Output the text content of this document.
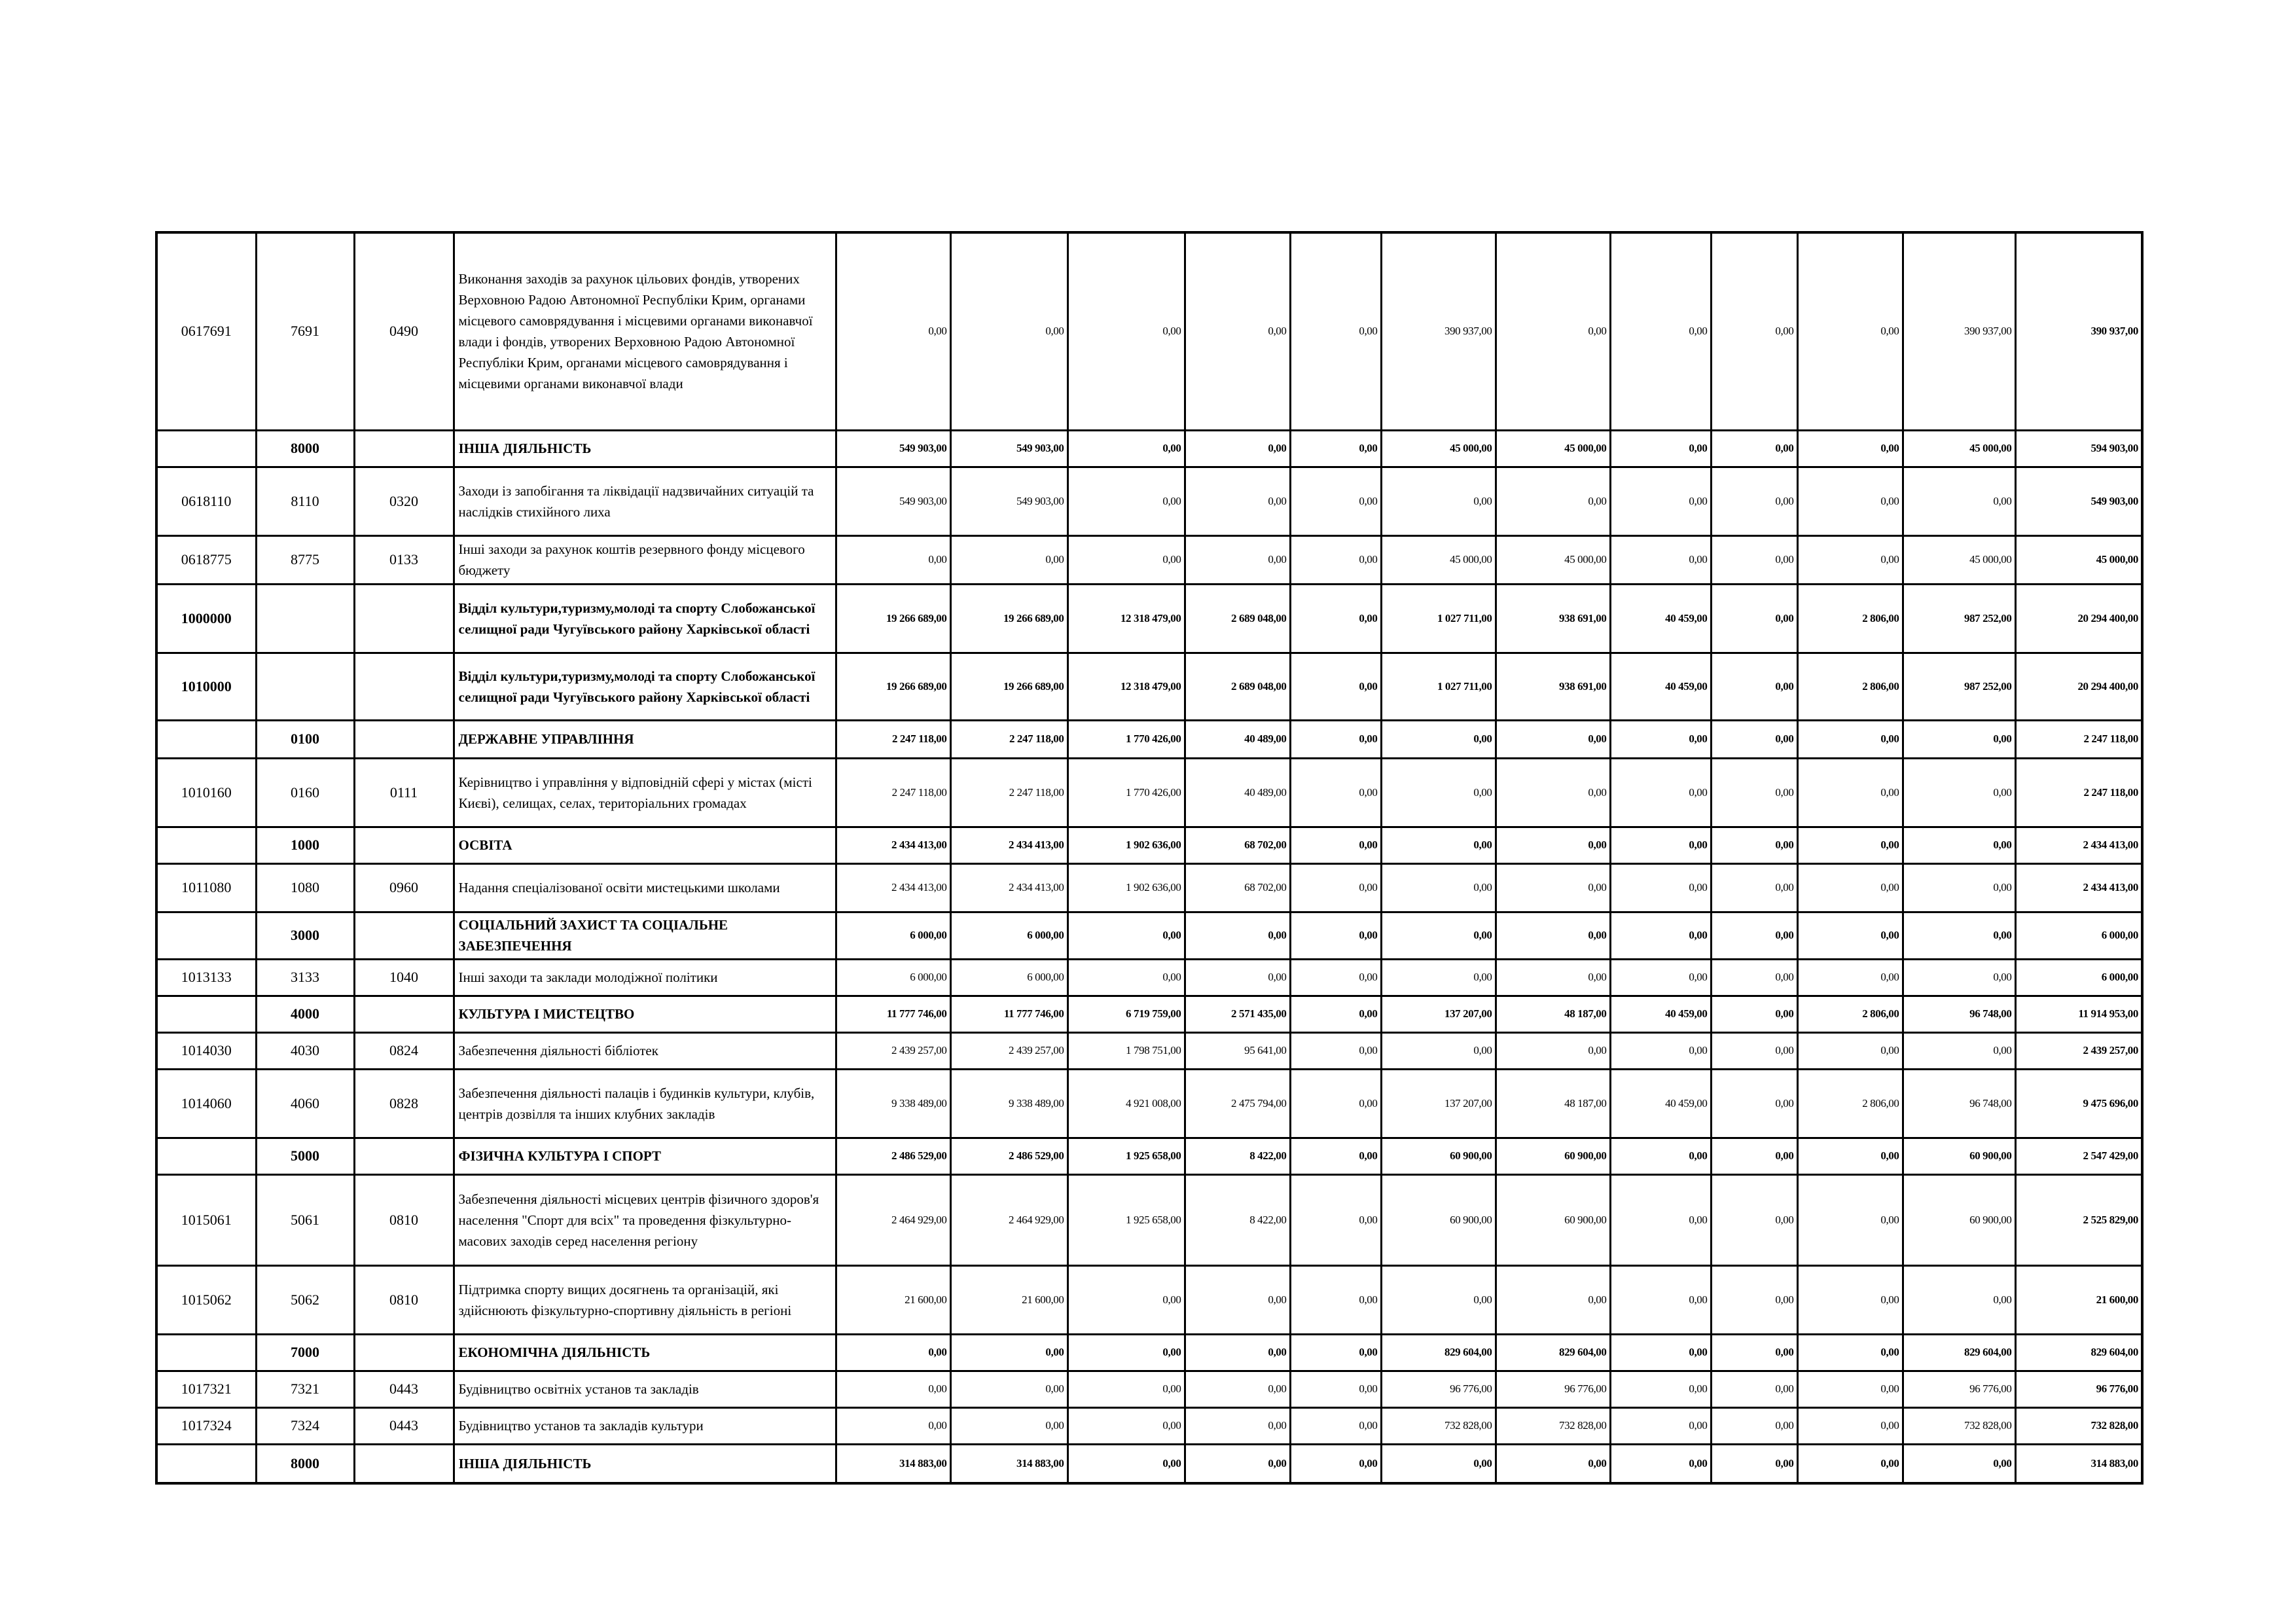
0617691	7691	0490	Виконання заходів за рахунок цільових фондів, утворених Верховною Радою Автономної Республіки Крим, органами місцевого самоврядування і місцевими органами виконавчої влади і фондів, утворених Верховною Радою Автономної Республіки Крим, органами місцевого самоврядування і місцевими органами виконавчої влади	0,00	0,00	0,00	0,00	0,00	390 937,00	0,00	0,00	0,00	0,00	390 937,00	390 937,00
	8000		ІНША ДІЯЛЬНІСТЬ	549 903,00	549 903,00	0,00	0,00	0,00	45 000,00	45 000,00	0,00	0,00	0,00	45 000,00	594 903,00
0618110	8110	0320	Заходи із запобігання та ліквідації надзвичайних ситуацій та наслідків стихійного лиха	549 903,00	549 903,00	0,00	0,00	0,00	0,00	0,00	0,00	0,00	0,00	0,00	549 903,00
0618775	8775	0133	Інші заходи за рахунок коштів резервного фонду місцевого бюджету	0,00	0,00	0,00	0,00	0,00	45 000,00	45 000,00	0,00	0,00	0,00	45 000,00	45 000,00
1000000			Відділ культури,туризму,молоді та спорту Слобожанської селищної ради Чугуївського району Харківської області	19 266 689,00	19 266 689,00	12 318 479,00	2 689 048,00	0,00	1 027 711,00	938 691,00	40 459,00	0,00	2 806,00	987 252,00	20 294 400,00
1010000			Відділ культури,туризму,молоді та спорту Слобожанської селищної ради Чугуївського району Харківської області	19 266 689,00	19 266 689,00	12 318 479,00	2 689 048,00	0,00	1 027 711,00	938 691,00	40 459,00	0,00	2 806,00	987 252,00	20 294 400,00
	0100		ДЕРЖАВНЕ УПРАВЛІННЯ	2 247 118,00	2 247 118,00	1 770 426,00	40 489,00	0,00	0,00	0,00	0,00	0,00	0,00	0,00	2 247 118,00
1010160	0160	0111	Керівництво і управління у відповідній сфері у містах (місті Києві), селищах, селах, територіальних громадах	2 247 118,00	2 247 118,00	1 770 426,00	40 489,00	0,00	0,00	0,00	0,00	0,00	0,00	0,00	2 247 118,00
	1000		ОСВІТА	2 434 413,00	2 434 413,00	1 902 636,00	68 702,00	0,00	0,00	0,00	0,00	0,00	0,00	0,00	2 434 413,00
1011080	1080	0960	Надання спеціалізованої освіти мистецькими школами	2 434 413,00	2 434 413,00	1 902 636,00	68 702,00	0,00	0,00	0,00	0,00	0,00	0,00	0,00	2 434 413,00
	3000		СОЦІАЛЬНИЙ ЗАХИСТ ТА СОЦІАЛЬНЕ ЗАБЕЗПЕЧЕННЯ	6 000,00	6 000,00	0,00	0,00	0,00	0,00	0,00	0,00	0,00	0,00	0,00	6 000,00
1013133	3133	1040	Інші заходи та заклади молодіжної політики	6 000,00	6 000,00	0,00	0,00	0,00	0,00	0,00	0,00	0,00	0,00	0,00	6 000,00
	4000		КУЛЬТУРА І МИСТЕЦТВО	11 777 746,00	11 777 746,00	6 719 759,00	2 571 435,00	0,00	137 207,00	48 187,00	40 459,00	0,00	2 806,00	96 748,00	11 914 953,00
1014030	4030	0824	Забезпечення діяльності бібліотек	2 439 257,00	2 439 257,00	1 798 751,00	95 641,00	0,00	0,00	0,00	0,00	0,00	0,00	0,00	2 439 257,00
1014060	4060	0828	Забезпечення діяльності палаців і будинків культури, клубів, центрів дозвілля та інших клубних закладів	9 338 489,00	9 338 489,00	4 921 008,00	2 475 794,00	0,00	137 207,00	48 187,00	40 459,00	0,00	2 806,00	96 748,00	9 475 696,00
	5000		ФІЗИЧНА КУЛЬТУРА І СПОРТ	2 486 529,00	2 486 529,00	1 925 658,00	8 422,00	0,00	60 900,00	60 900,00	0,00	0,00	0,00	60 900,00	2 547 429,00
1015061	5061	0810	Забезпечення діяльності місцевих центрів фізичного здоров'я населення "Спорт для всіх" та проведення фізкультурно-масових заходів серед населення регіону	2 464 929,00	2 464 929,00	1 925 658,00	8 422,00	0,00	60 900,00	60 900,00	0,00	0,00	0,00	60 900,00	2 525 829,00
1015062	5062	0810	Підтримка спорту вищих досягнень та організацій, які здійснюють фізкультурно-спортивну діяльність в регіоні	21 600,00	21 600,00	0,00	0,00	0,00	0,00	0,00	0,00	0,00	0,00	0,00	21 600,00
	7000		ЕКОНОМІЧНА ДІЯЛЬНІСТЬ	0,00	0,00	0,00	0,00	0,00	829 604,00	829 604,00	0,00	0,00	0,00	829 604,00	829 604,00
1017321	7321	0443	Будівництво освітніх установ та закладів	0,00	0,00	0,00	0,00	0,00	96 776,00	96 776,00	0,00	0,00	0,00	96 776,00	96 776,00
1017324	7324	0443	Будівництво установ та закладів культури	0,00	0,00	0,00	0,00	0,00	732 828,00	732 828,00	0,00	0,00	0,00	732 828,00	732 828,00
	8000		ІНША ДІЯЛЬНІСТЬ	314 883,00	314 883,00	0,00	0,00	0,00	0,00	0,00	0,00	0,00	0,00	0,00	314 883,00
